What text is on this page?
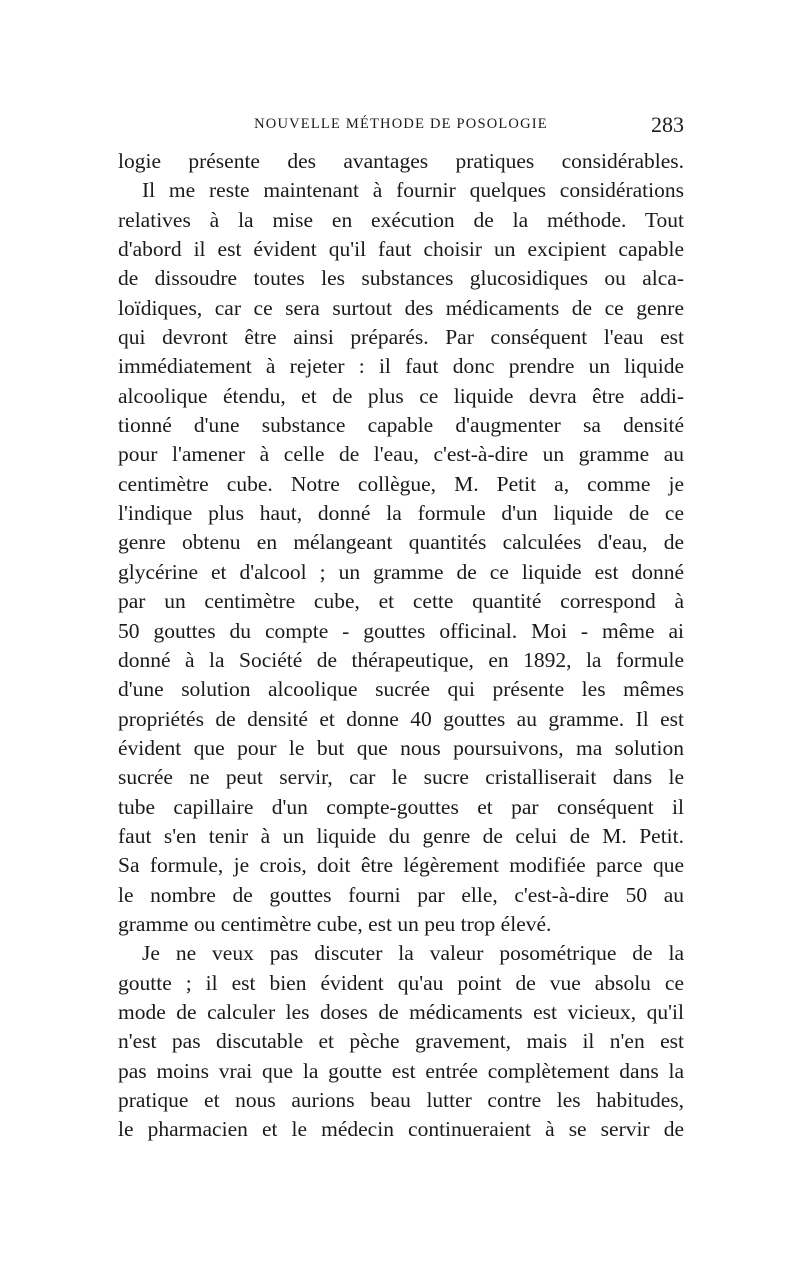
NOUVELLE MÉTHODE DE POSOLOGIE	283
logie présente des avantages pratiques considérables.
Il me reste maintenant à fournir quelques considérations
relatives à la mise en exécution de la méthode. Tout
d'abord il est évident qu'il faut choisir un excipient capable
de dissoudre toutes les substances glucosidiques ou alca-
loïdiques, car ce sera surtout des médicaments de ce genre
qui devront être ainsi préparés. Par conséquent l'eau est
immédiatement à rejeter : il faut donc prendre un liquide
alcoolique étendu, et de plus ce liquide devra être addi-
tionné d'une substance capable d'augmenter sa densité
pour l'amener à celle de l'eau, c'est-à-dire un gramme au
centimètre cube. Notre collègue, M. Petit a, comme je
l'indique plus haut, donné la formule d'un liquide de ce
genre obtenu en mélangeant quantités calculées d'eau, de
glycérine et d'alcool ; un gramme de ce liquide est donné
par un centimètre cube, et cette quantité correspond à
50 gouttes du compte - gouttes officinal. Moi - même ai
donné à la Société de thérapeutique, en 1892, la formule
d'une solution alcoolique sucrée qui présente les mêmes
propriétés de densité et donne 40 gouttes au gramme. Il est
évident que pour le but que nous poursuivons, ma solution
sucrée ne peut servir, car le sucre cristalliserait dans le
tube capillaire d'un compte-gouttes et par conséquent il
faut s'en tenir à un liquide du genre de celui de M. Petit.
Sa formule, je crois, doit être légèrement modifiée parce que
le nombre de gouttes fourni par elle, c'est-à-dire 50 au
gramme ou centimètre cube, est un peu trop élevé.
Je ne veux pas discuter la valeur posométrique de la
goutte ; il est bien évident qu'au point de vue absolu ce
mode de calculer les doses de médicaments est vicieux, qu'il
n'est pas discutable et pèche gravement, mais il n'en est
pas moins vrai que la goutte est entrée complètement dans la
pratique et nous aurions beau lutter contre les habitudes,
le pharmacien et le médecin continueraient à se servir de
